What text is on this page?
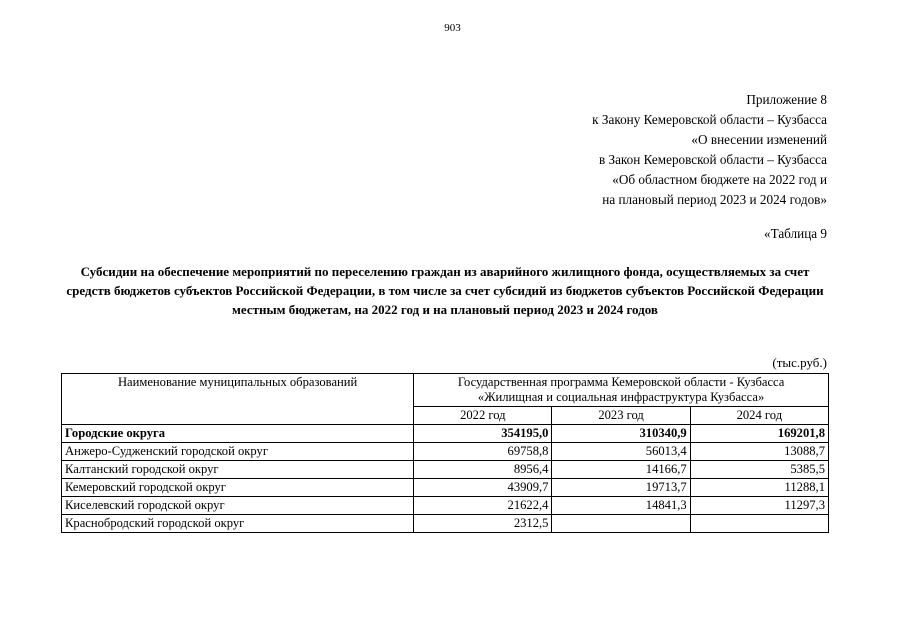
903
Приложение 8
к Закону Кемеровской области – Кузбасса
«О внесении изменений
в Закон Кемеровской области – Кузбасса
«Об областном бюджете на 2022 год и
на плановый период 2023 и 2024 годов»
«Таблица 9
Субсидии на обеспечение мероприятий по переселению граждан из аварийного жилищного фонда, осуществляемых за счет средств бюджетов субъектов Российской Федерации, в том числе за счет субсидий из бюджетов субъектов Российской Федерации местным бюджетам, на 2022 год и на плановый период 2023 и 2024 годов
(тыс.руб.)
Наименование муниципальных образований	Государственная программа Кемеровской области - Кузбасса
«Жилищная и социальная инфраструктура Кузбасса»		

	2022 год	2023 год	2024 год
Городские округа	354195,0	310340,9	169201,8
Анжеро-Судженский городской округ	69758,8	56013,4	13088,7
Калтанский городской округ	8956,4	14166,7	5385,5
Кемеровский городской округ	43909,7	19713,7	11288,1
Киселевский городской округ	21622,4	14841,3	11297,3
Краснобродский городской округ	2312,5		
